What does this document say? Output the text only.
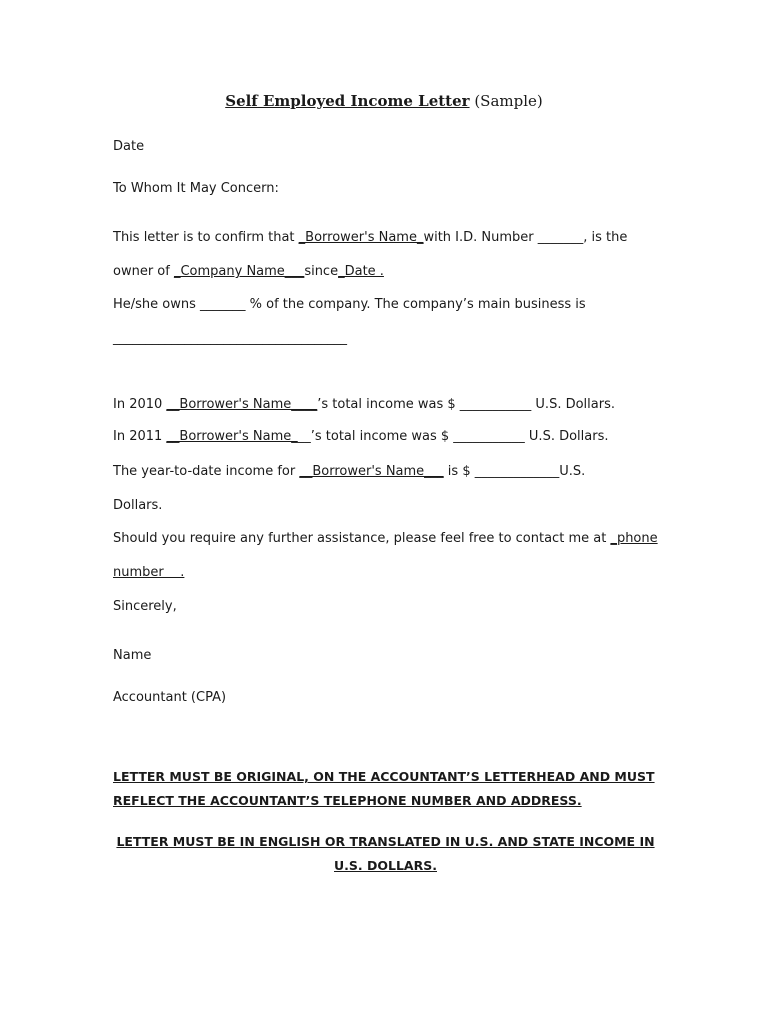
Self Employed Income Letter (Sample)
Date
To Whom It May Concern:
This letter is to confirm that _Borrower's Name_with I.D. Number _______, is the
owner of _Company Name___since_Date .
He/she owns _______ % of the company. The company’s main business is
____________________________________
In 2010 __Borrower's Name____’s total income was $ ___________ U.S. Dollars.
In 2011 __Borrower's Name___’s total income was $ ___________ U.S. Dollars.
The year-to-date income for __Borrower's Name___ is $ _____________U.S.
Dollars.
Should you require any further assistance, please feel free to contact me at _phone
number    .
Sincerely,
Name
Accountant (CPA)
LETTER MUST BE ORIGINAL, ON THE ACCOUNTANT’S LETTERHEAD AND MUST REFLECT THE ACCOUNTANT’S TELEPHONE NUMBER AND ADDRESS.
LETTER MUST BE IN ENGLISH OR TRANSLATED IN U.S. AND STATE INCOME IN U.S. DOLLARS.
